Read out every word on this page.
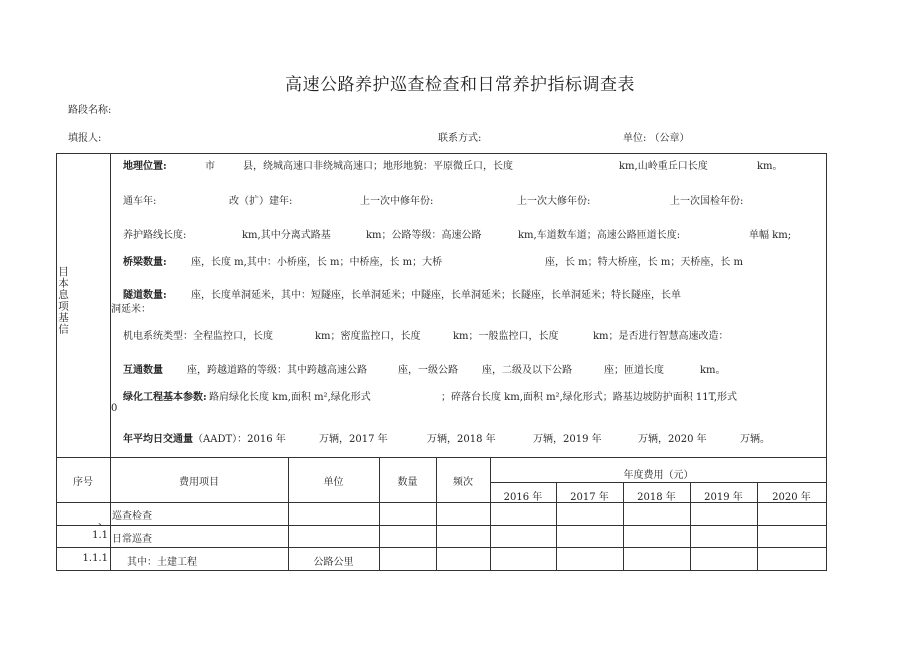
高速公路养护巡查检查和日常养护指标调查表
路段名称:
填报人:	联系方式:	单位: （公章）
目本息项基信
地理位置:	市	县，绕城高速口非绕城高速口；地形地貌：平原微丘口，长度	km,山岭重丘口长度	km。
通车年:	改（扩）建年:	上一次中修年份:	上一次大修年份:	上一次国检年份:
养护路线长度:	km,其中分离式路基	km；公路等级：高速公路	km,车道数车道；高速公路匝道长度:	单幅 km;
桥梁数量: 座，长度 m,其中：小桥座，长 m；中桥座，长 m；大桥	座，长 m；特大桥座，长 m；天桥座，长 m
隧道数量: 座，长度单洞延米，其中：短隧座，长单洞延米；中隧座，长单洞延米；长隧座，长单洞延米；特长隧座，长单
洞延米：
机电系统类型：全程监控口，长度	km；密度监控口，长度	km；一般监控口，长度	km；是否进行智慧高速改造：
互通数量 座，跨越道路的等级：其中跨越高速公路	座，一级公路 座，二级及以下公路	座；匝道长度	km。
绿化工程基本参数: 路肩绿化长度 km,面积 m²,绿化形式	；碎落台长度 km,面积 m²,绿化形式；路基边坡防护面积 11T,形式
0
年平均日交通量（AADT）：2016 年	万辆，2017 年	万辆，2018 年	万辆，2019 年	万辆，2020 年	万辆。
序号	费用项目	单位	数量	频次
年度费用（元）
2016 年	2017 年	2018 年	2019 年	2020 年
、
巡查检查
1.1 日常巡查
1.1.1 其中：土建工程	公路公里
